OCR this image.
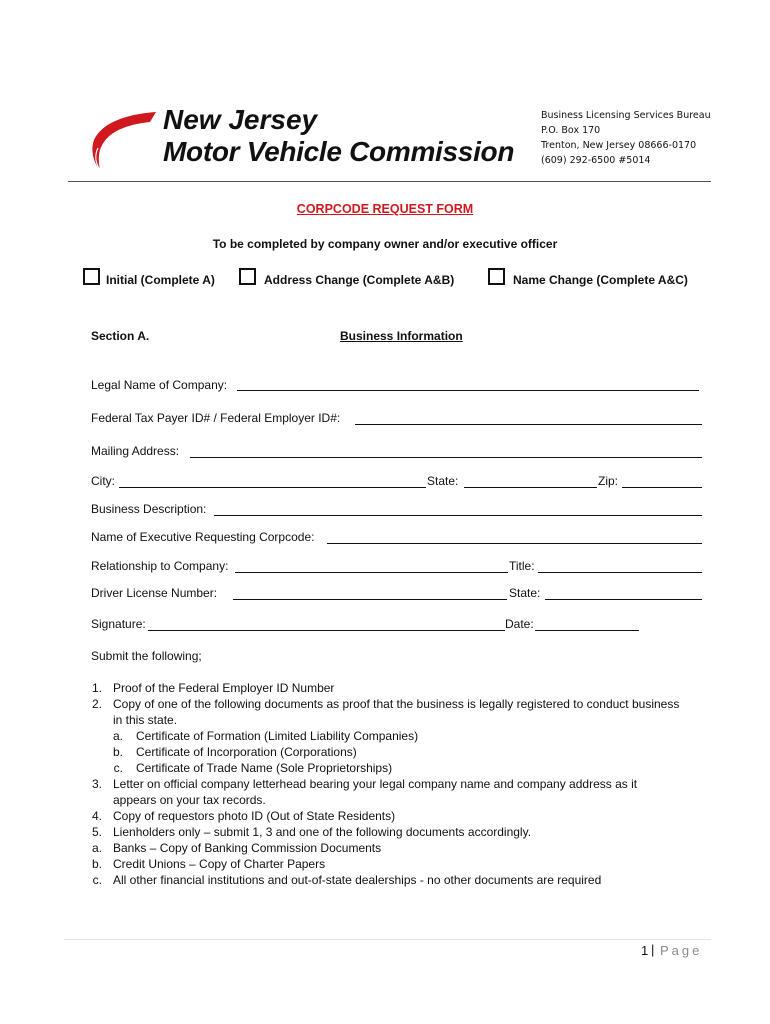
New Jersey
Motor Vehicle Commission
Business Licensing Services Bureau
P.O. Box 170
Trenton, New Jersey 08666-0170
(609) 292-6500 #5014
CORPCODE REQUEST FORM
To be completed by company owner and/or executive officer
Initial (Complete A)	Address Change (Complete A&B)	Name Change (Complete A&C)
Section A.	Business Information
Legal Name of Company:
Federal Tax Payer ID# / Federal Employer ID#:
Mailing Address:
City:	State:	Zip:
Business Description:
Name of Executive Requesting Corpcode:
Relationship to Company:	Title:
Driver License Number:	State:
Signature:	Date:
Submit the following;
1. Proof of the Federal Employer ID Number
2. Copy of one of the following documents as proof that the business is legally registered to conduct business
in this state.
a. Certificate of Formation (Limited Liability Companies)
b. Certificate of Incorporation (Corporations)
c. Certificate of Trade Name (Sole Proprietorships)
3. Letter on official company letterhead bearing your legal company name and company address as it
appears on your tax records.
4. Copy of requestors photo ID (Out of State Residents)
5. Lienholders only – submit 1, 3 and one of the following documents accordingly.
a. Banks – Copy of Banking Commission Documents
b. Credit Unions – Copy of Charter Papers
c. All other financial institutions and out-of-state dealerships - no other documents are required
1 | Page
